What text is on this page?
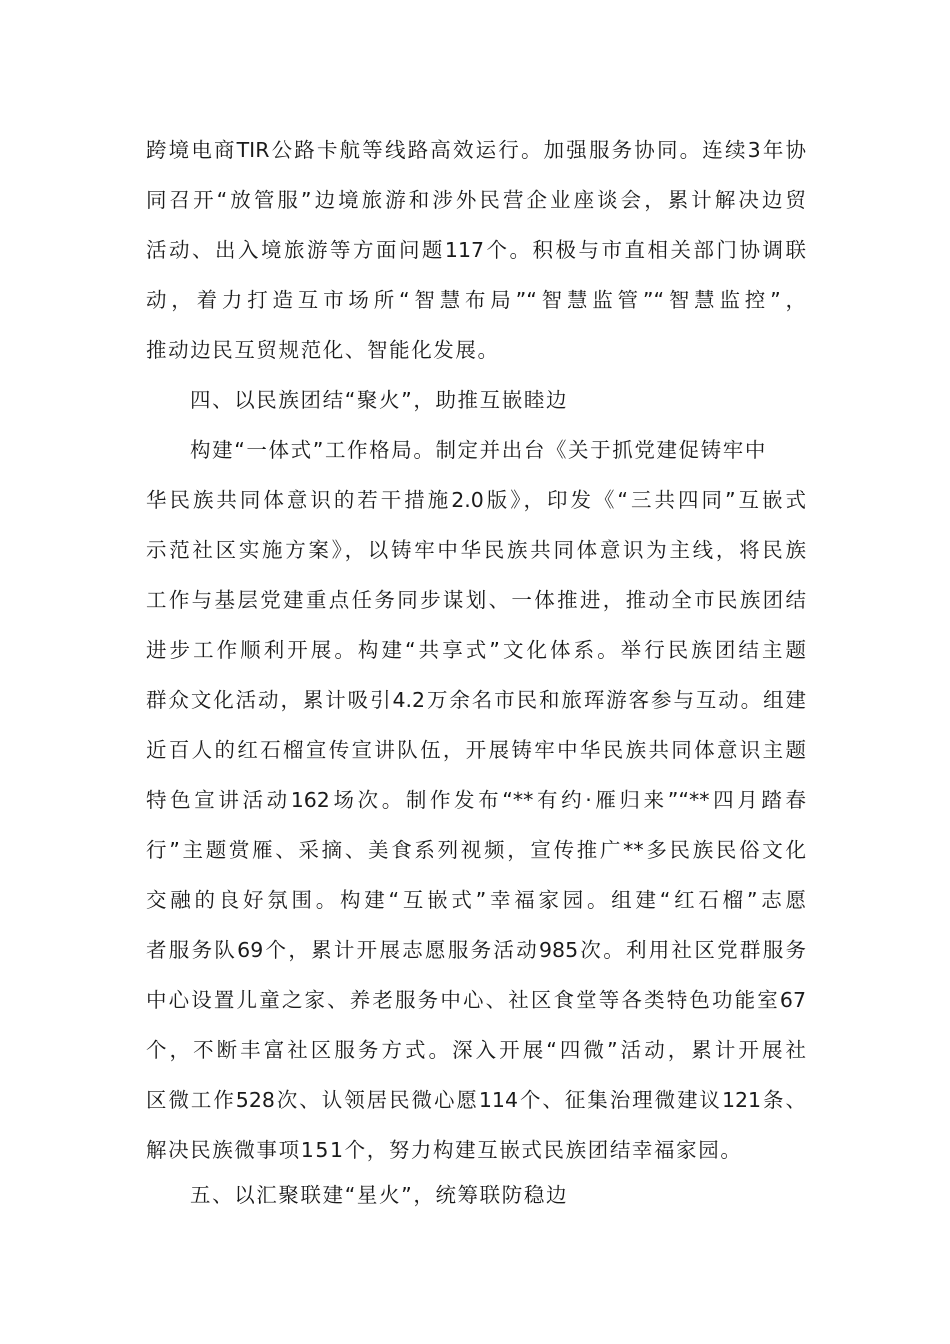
跨境电商TIR公路卡航等线路高效运行。加强服务协同。连续3年协
同召开“放管服”边境旅游和涉外民营企业座谈会，累计解决边贸
活动、出入境旅游等方面问题117个。积极与市直相关部门协调联
动，着力打造互市场所“智慧布局”“智慧监管”“智慧监控”，
推动边民互贸规范化、智能化发展。
四、以民族团结“聚火”，助推互嵌睦边
构建“一体式”工作格局。制定并出台《关于抓党建促铸牢中
华民族共同体意识的若干措施2.0版》，印发《“三共四同”互嵌式
示范社区实施方案》，以铸牢中华民族共同体意识为主线，将民族
工作与基层党建重点任务同步谋划、一体推进，推动全市民族团结
进步工作顺利开展。构建“共享式”文化体系。举行民族团结主题
群众文化活动，累计吸引4.2万余名市民和旅珲游客参与互动。组建
近百人的红石榴宣传宣讲队伍，开展铸牢中华民族共同体意识主题
特色宣讲活动162场次。制作发布“**有约·雁归来”“**四月踏春
行”主题赏雁、采摘、美食系列视频，宣传推广**多民族民俗文化
交融的良好氛围。构建“互嵌式”幸福家园。组建“红石榴”志愿
者服务队69个，累计开展志愿服务活动985次。利用社区党群服务
中心设置儿童之家、养老服务中心、社区食堂等各类特色功能室67
个，不断丰富社区服务方式。深入开展“四微”活动，累计开展社
区微工作528次、认领居民微心愿114个、征集治理微建议121条、
解决民族微事项151个，努力构建互嵌式民族团结幸福家园。
五、以汇聚联建“星火”，统筹联防稳边
